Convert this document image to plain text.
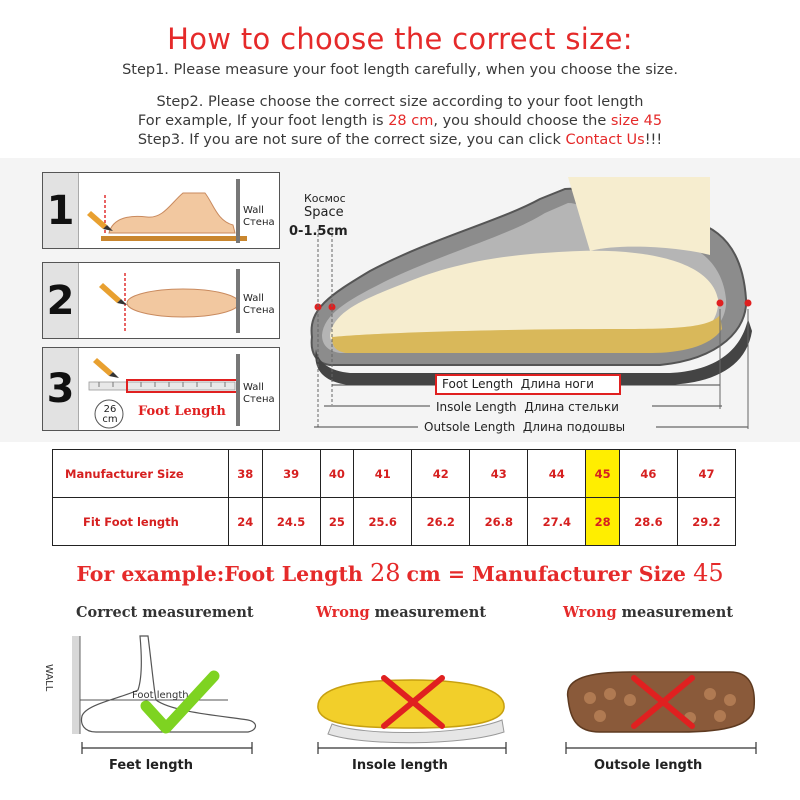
How to choose the correct size:
Step1. Please measure your foot length carefully, when you choose the size.
Step2. Please choose the correct size according to your foot length
For example, If your foot length is 28 cm, you should choose the size 45
Step3. If you are not sure of the correct size, you can click Contact Us!!!
1	Wall
Стена
2	Wall
Стена
3	Wall
Стена
26
cm
Foot Length
Космос
Space
0-1.5cm
Foot Length Длина ноги
Insole Length Длина стельки
Outsole Length Длина подошвы
Manufacturer Size	38	39	40	41	42	43	44	45	46	47
Fit Foot length	24	24.5	25	25.6	26.2	26.8	27.4	28	28.6	29.2
For example:Foot Length 28 cm = Manufacturer Size 45
Correct measurement	Wrong measurement	Wrong measurement
WALL
Foot length
Feet length	Insole length	Outsole length
